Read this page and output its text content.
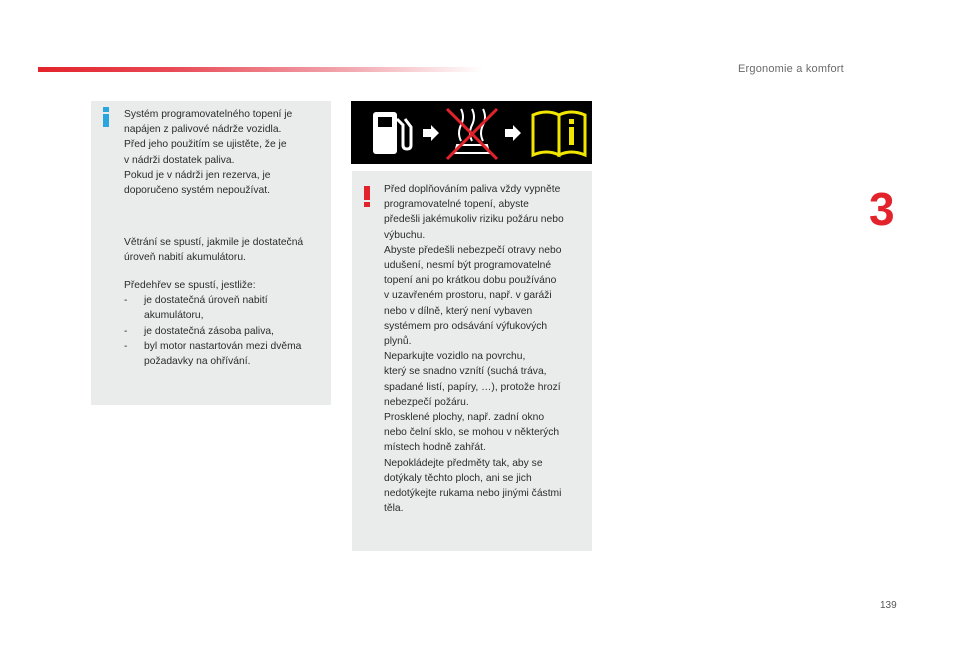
Ergonomie a komfort
3
139

Systém programovatelného topení je
napájen z palivové nádrže vozidla.
Před jeho použitím se ujistěte, že je
v nádrži dostatek paliva.
Pokud je v nádrži jen rezerva, je
doporučeno systém nepoužívat.

Větrání se spustí, jakmile je dostatečná
úroveň nabití akumulátoru.

Předehřev se spustí, jestliže:

-	je dostatečná úroveň nabití
akumulátoru,
-	je dostatečná zásoba paliva,
-	byl motor nastartován mezi dvěma
požadavky na ohřívání.

Před doplňováním paliva vždy vypněte
programovatelné topení, abyste
předešli jakémukoliv riziku požáru nebo
výbuchu.
Abyste předešli nebezpečí otravy nebo
udušení, nesmí být programovatelné
topení ani po krátkou dobu používáno
v uzavřeném prostoru, např. v garáži
nebo v dílně, který není vybaven
systémem pro odsávání výfukových
plynů.
Neparkujte vozidlo na povrchu,
který se snadno vznítí (suchá tráva,
spadané listí, papíry, …), protože hrozí
nebezpečí požáru.
Prosklené plochy, např. zadní okno
nebo čelní sklo, se mohou v některých
místech hodně zahřát.
Nepokládejte předměty tak, aby se
dotýkaly těchto ploch, ani se jich
nedotýkejte rukama nebo jinými částmi
těla.
